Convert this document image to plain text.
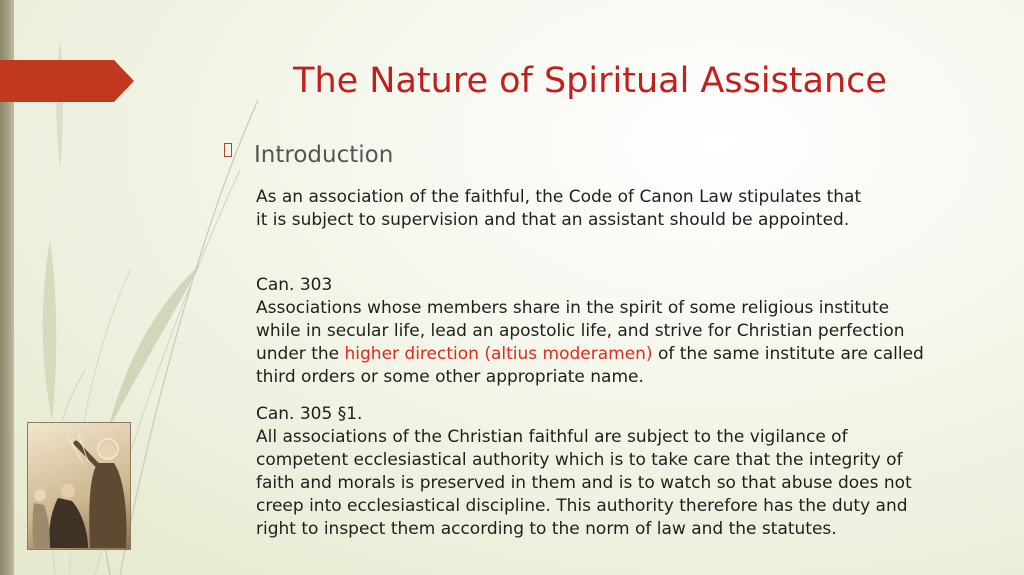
The Nature of Spiritual Assistance
Introduction
As an association of the faithful, the Code of Canon Law stipulates that
it is subject to supervision and that an assistant should be appointed.
Can. 303
Associations whose members share in the spirit of some religious institute
while in secular life, lead an apostolic life, and strive for Christian perfection
under the higher direction (altius moderamen) of the same institute are called
third orders or some other appropriate name.
Can. 305 §1.
All associations of the Christian faithful are subject to the vigilance of
competent ecclesiastical authority which is to take care that the integrity of
faith and morals is preserved in them and is to watch so that abuse does not
creep into ecclesiastical discipline. This authority therefore has the duty and
right to inspect them according to the norm of law and the statutes.
